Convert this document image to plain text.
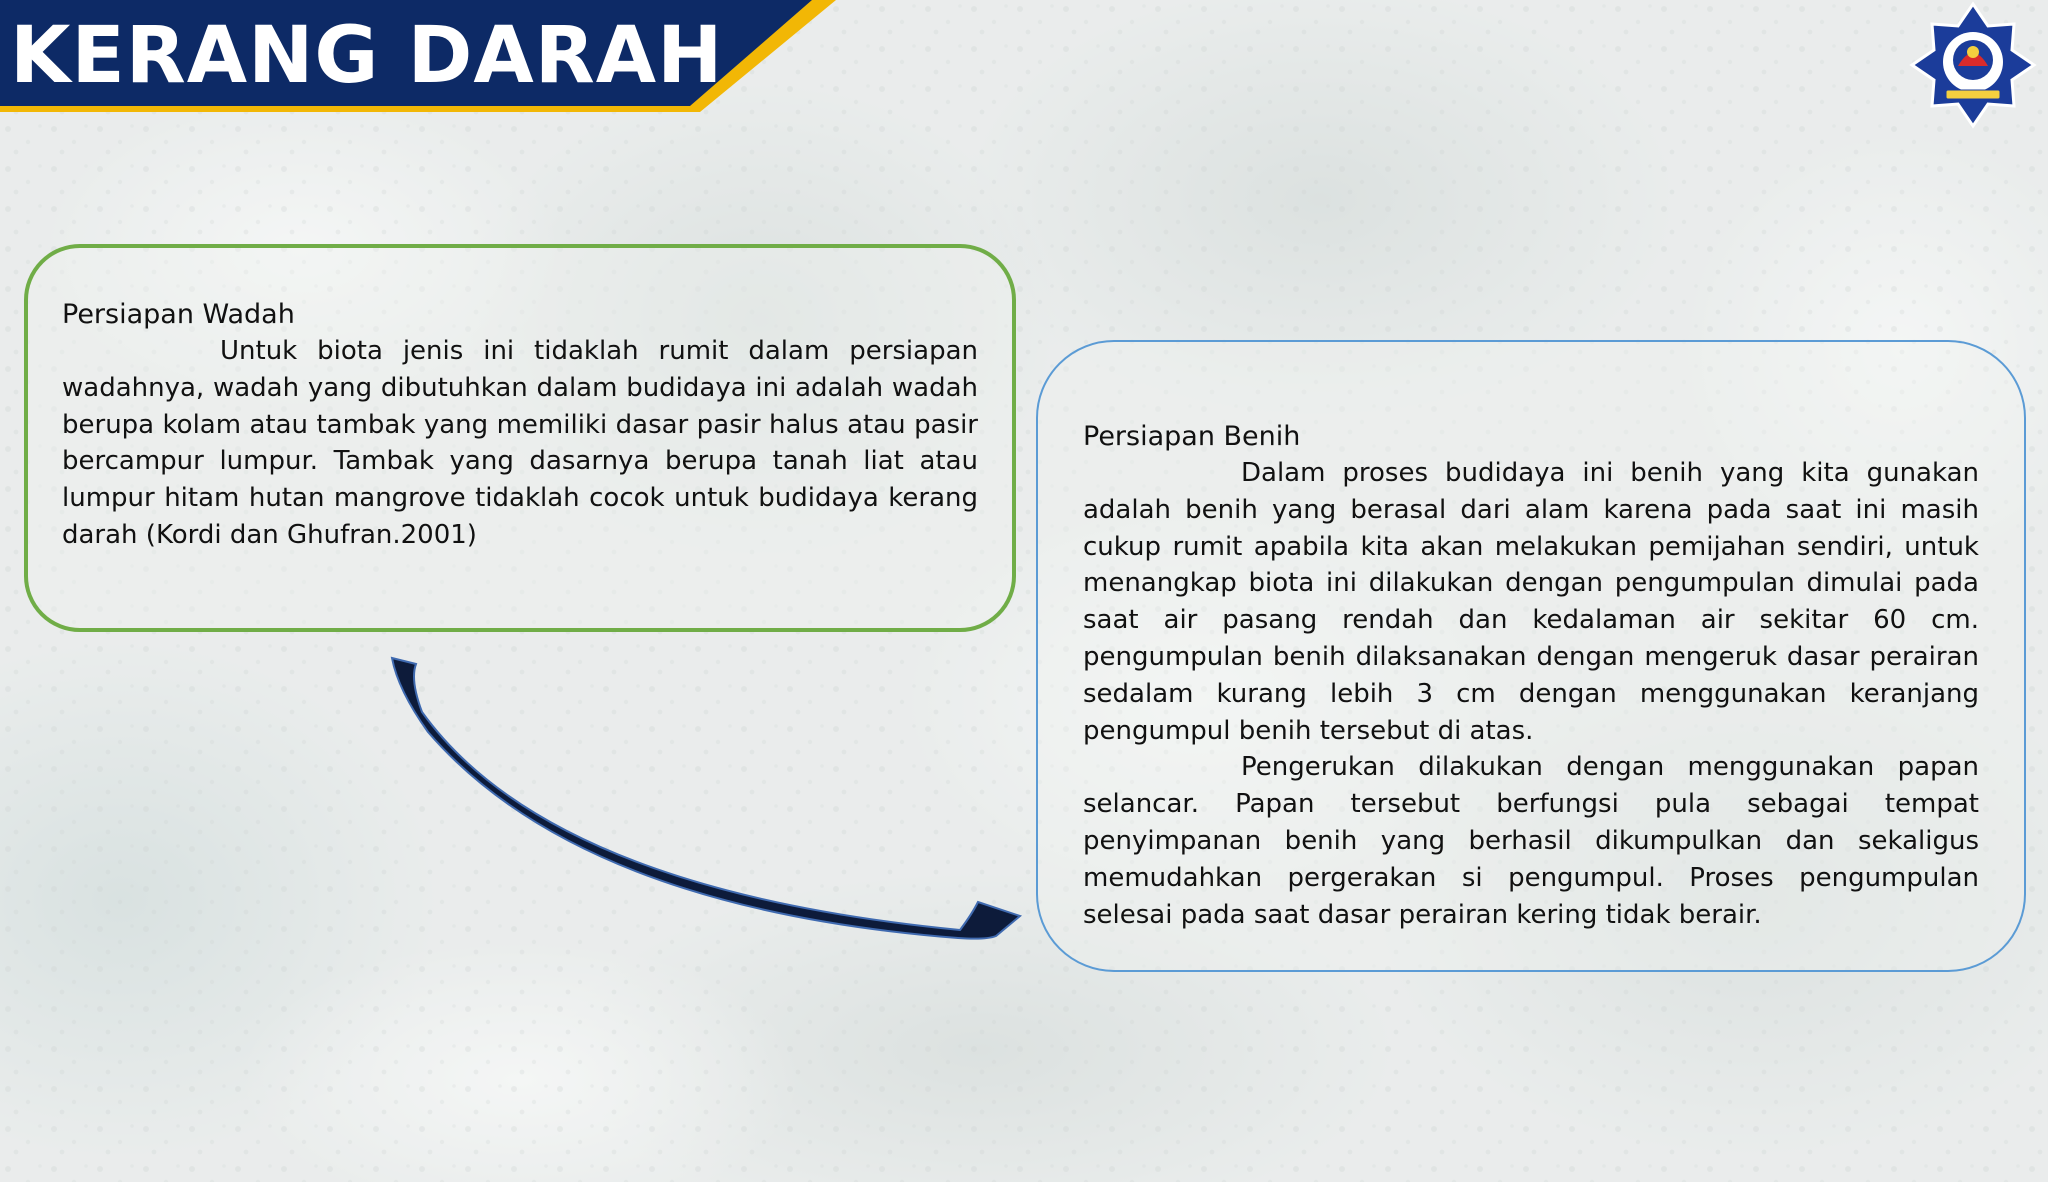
KERANG DARAH
Persiapan Wadah

Untuk biota jenis ini tidaklah rumit dalam persiapan wadahnya, wadah yang dibutuhkan dalam budidaya ini adalah wadah berupa kolam atau tambak yang memiliki dasar pasir halus atau pasir bercampur lumpur. Tambak yang dasarnya berupa tanah liat atau lumpur hitam hutan mangrove tidaklah cocok untuk budidaya kerang darah (Kordi dan Ghufran.2001)

Persiapan Benih

Dalam proses budidaya ini benih yang kita gunakan adalah benih yang berasal dari alam karena pada saat ini masih cukup rumit apabila kita akan melakukan pemijahan sendiri, untuk menangkap biota ini dilakukan dengan pengumpulan dimulai pada saat air pasang rendah dan kedalaman air sekitar 60 cm. pengumpulan benih dilaksanakan dengan mengeruk dasar perairan sedalam kurang lebih 3 cm dengan menggunakan keranjang pengumpul benih tersebut di atas.

Pengerukan dilakukan dengan menggunakan papan selancar. Papan tersebut berfungsi pula sebagai tempat penyimpanan benih yang berhasil dikumpulkan dan sekaligus memudahkan pergerakan si pengumpul. Proses pengumpulan selesai pada saat dasar perairan kering tidak berair.
